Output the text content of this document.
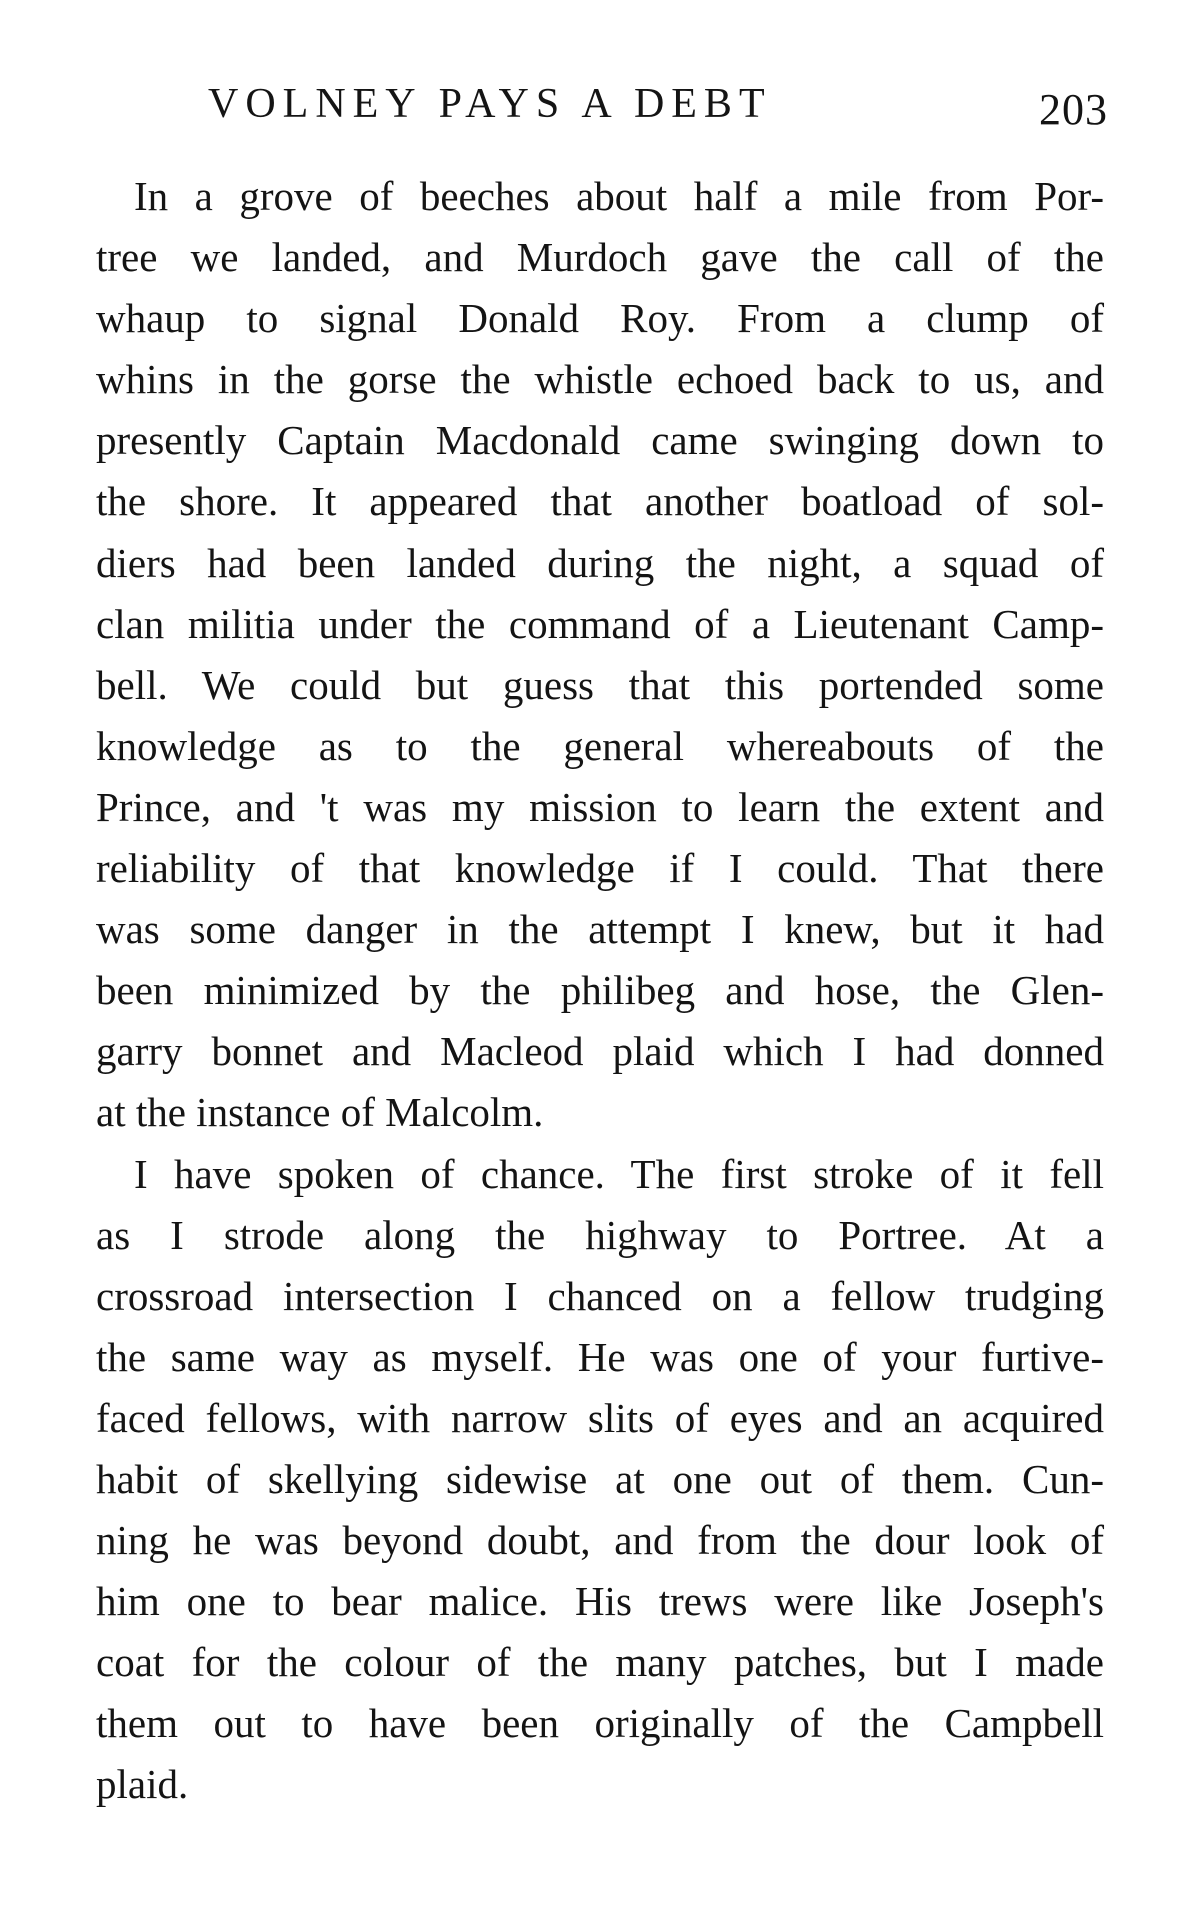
VOLNEY PAYS A DEBT	203
In a grove of beeches about half a mile from Por-
tree we landed, and Murdoch gave the call of the
whaup to signal Donald Roy. From a clump of
whins in the gorse the whistle echoed back to us, and
presently Captain Macdonald came swinging down to
the shore. It appeared that another boatload of sol-
diers had been landed during the night, a squad of
clan militia under the command of a Lieutenant Camp-
bell. We could but guess that this portended some
knowledge as to the general whereabouts of the
Prince, and 't was my mission to learn the extent and
reliability of that knowledge if I could. That there
was some danger in the attempt I knew, but it had
been minimized by the philibeg and hose, the Glen-
garry bonnet and Macleod plaid which I had donned
at the instance of Malcolm.
I have spoken of chance. The first stroke of it fell
as I strode along the highway to Portree. At a
crossroad intersection I chanced on a fellow trudging
the same way as myself. He was one of your furtive-
faced fellows, with narrow slits of eyes and an acquired
habit of skellying sidewise at one out of them. Cun-
ning he was beyond doubt, and from the dour look of
him one to bear malice. His trews were like Joseph's
coat for the colour of the many patches, but I made
them out to have been originally of the Campbell
plaid.
